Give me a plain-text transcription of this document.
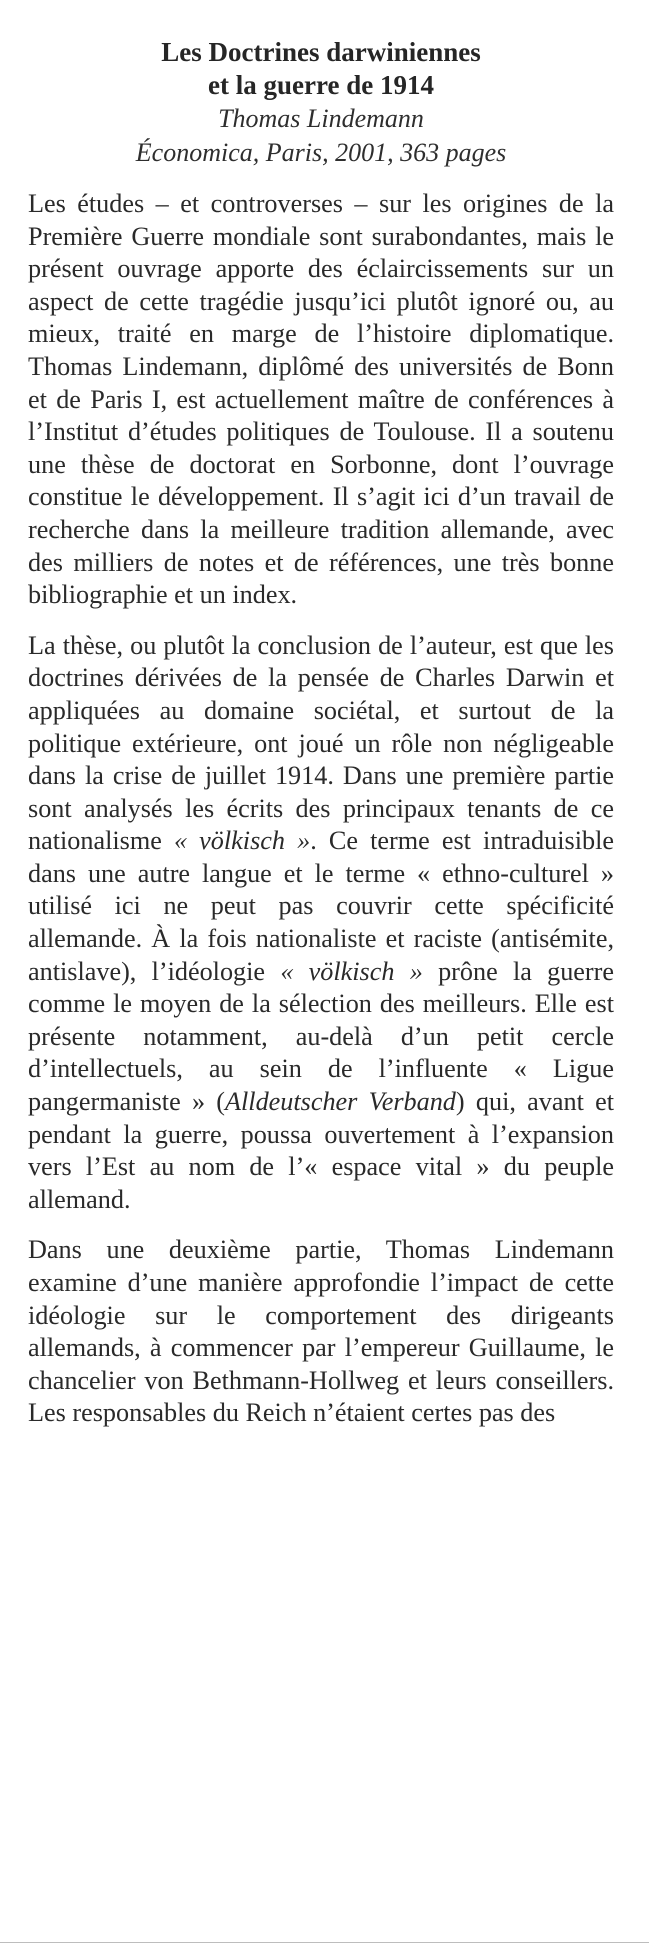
Les Doctrines darwiniennes

et la guerre de 1914

Thomas Lindemann

Économica, Paris, 2001, 363 pages

Les études – et controverses – sur les origines de la Première Guerre mondiale sont surabondantes, mais le présent ouvrage apporte des éclaircissements sur un aspect de cette tragédie jusqu’ici plutôt ignoré ou, au mieux, traité en marge de l’histoire diplomatique. Thomas Lindemann, diplômé des universités de Bonn et de Paris I, est actuellement maître de conférences à l’Institut d’études politiques de Toulouse. Il a soutenu une thèse de doctorat en Sorbonne, dont l’ouvrage constitue le développement. Il s’agit ici d’un travail de recherche dans la meilleure tradition allemande, avec des milliers de notes et de références, une très bonne bibliographie et un index.

La thèse, ou plutôt la conclusion de l’auteur, est que les doctrines dérivées de la pensée de Charles Darwin et appliquées au domaine sociétal, et surtout de la politique extérieure, ont joué un rôle non négligeable dans la crise de juillet 1914. Dans une première partie sont analysés les écrits des principaux tenants de ce nationalisme « völkisch ». Ce terme est intraduisible dans une autre langue et le terme « ethno-culturel » utilisé ici ne peut pas couvrir cette spécificité allemande. À la fois nationaliste et raciste (antisémite, antislave), l’idéologie « völkisch » prône la guerre comme le moyen de la sélection des meilleurs. Elle est présente notamment, au-delà d’un petit cercle d’intellectuels, au sein de l’influente « Ligue pangermaniste » (Alldeutscher Verband) qui, avant et pendant la guerre, poussa ouvertement à l’expansion vers l’Est au nom de l’« espace vital » du peuple allemand.

Dans une deuxième partie, Thomas Lindemann examine d’une manière approfondie l’impact de cette idéologie sur le comportement des dirigeants allemands, à commencer par l’empereur Guillaume, le chancelier von Bethmann-Hollweg et leurs conseillers. Les responsables du Reich n’étaient certes pas des
